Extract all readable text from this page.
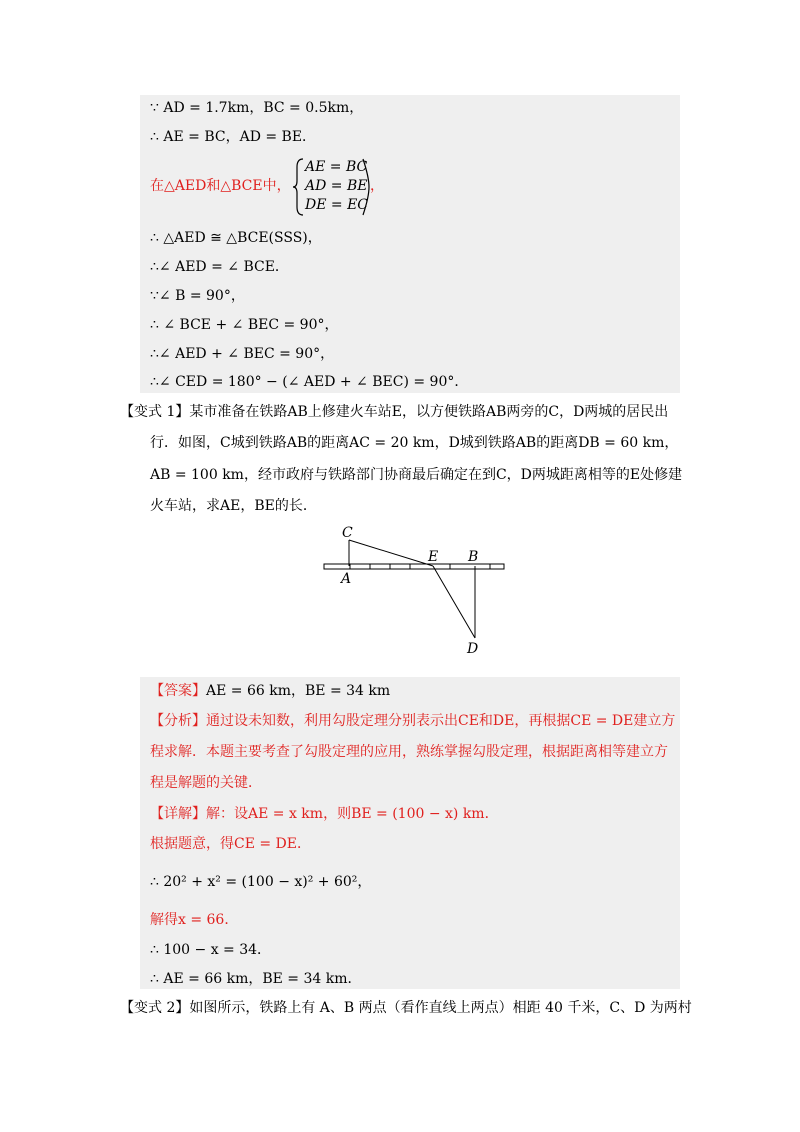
∵ AD = 1.7km，BC = 0.5km，
∴ AE = BC，AD = BE．
在△AED和△BCE中，
AE = BC
AD = BE
DE = EC
，
∴ △AED ≅ △BCE(SSS)，
∴∠ AED = ∠ BCE．
∵∠ B = 90°，
∴ ∠ BCE + ∠ BEC = 90°，
∴∠ AED + ∠ BEC = 90°，
∴∠ CED = 180° − (∠ AED + ∠ BEC) = 90°．
【变式 1】某市准备在铁路AB上修建火车站E，以方便铁路AB两旁的C，D两城的居民出
行．如图，C城到铁路AB的距离AC = 20 km，D城到铁路AB的距离DB = 60 km，
AB = 100 km，经市政府与铁路部门协商最后确定在到C，D两城距离相等的E处修建
火车站，求AE，BE的长．
C
A
E B
D
【答案】AE = 66 km，BE = 34 km
【分析】通过设未知数，利用勾股定理分别表示出CE和DE，再根据CE = DE建立方
程求解．本题主要考查了勾股定理的应用，熟练掌握勾股定理，根据距离相等建立方
程是解题的关键．
【详解】解：设AE = x km，则BE = (100 − x) km．
根据题意，得CE = DE．
∴ 20² + x² = (100 − x)² + 60²，
解得x = 66．
∴ 100 − x = 34．
∴ AE = 66 km，BE = 34 km．
【变式 2】如图所示，铁路上有 A、B 两点（看作直线上两点）相距 40 千米，C、D 为两村
